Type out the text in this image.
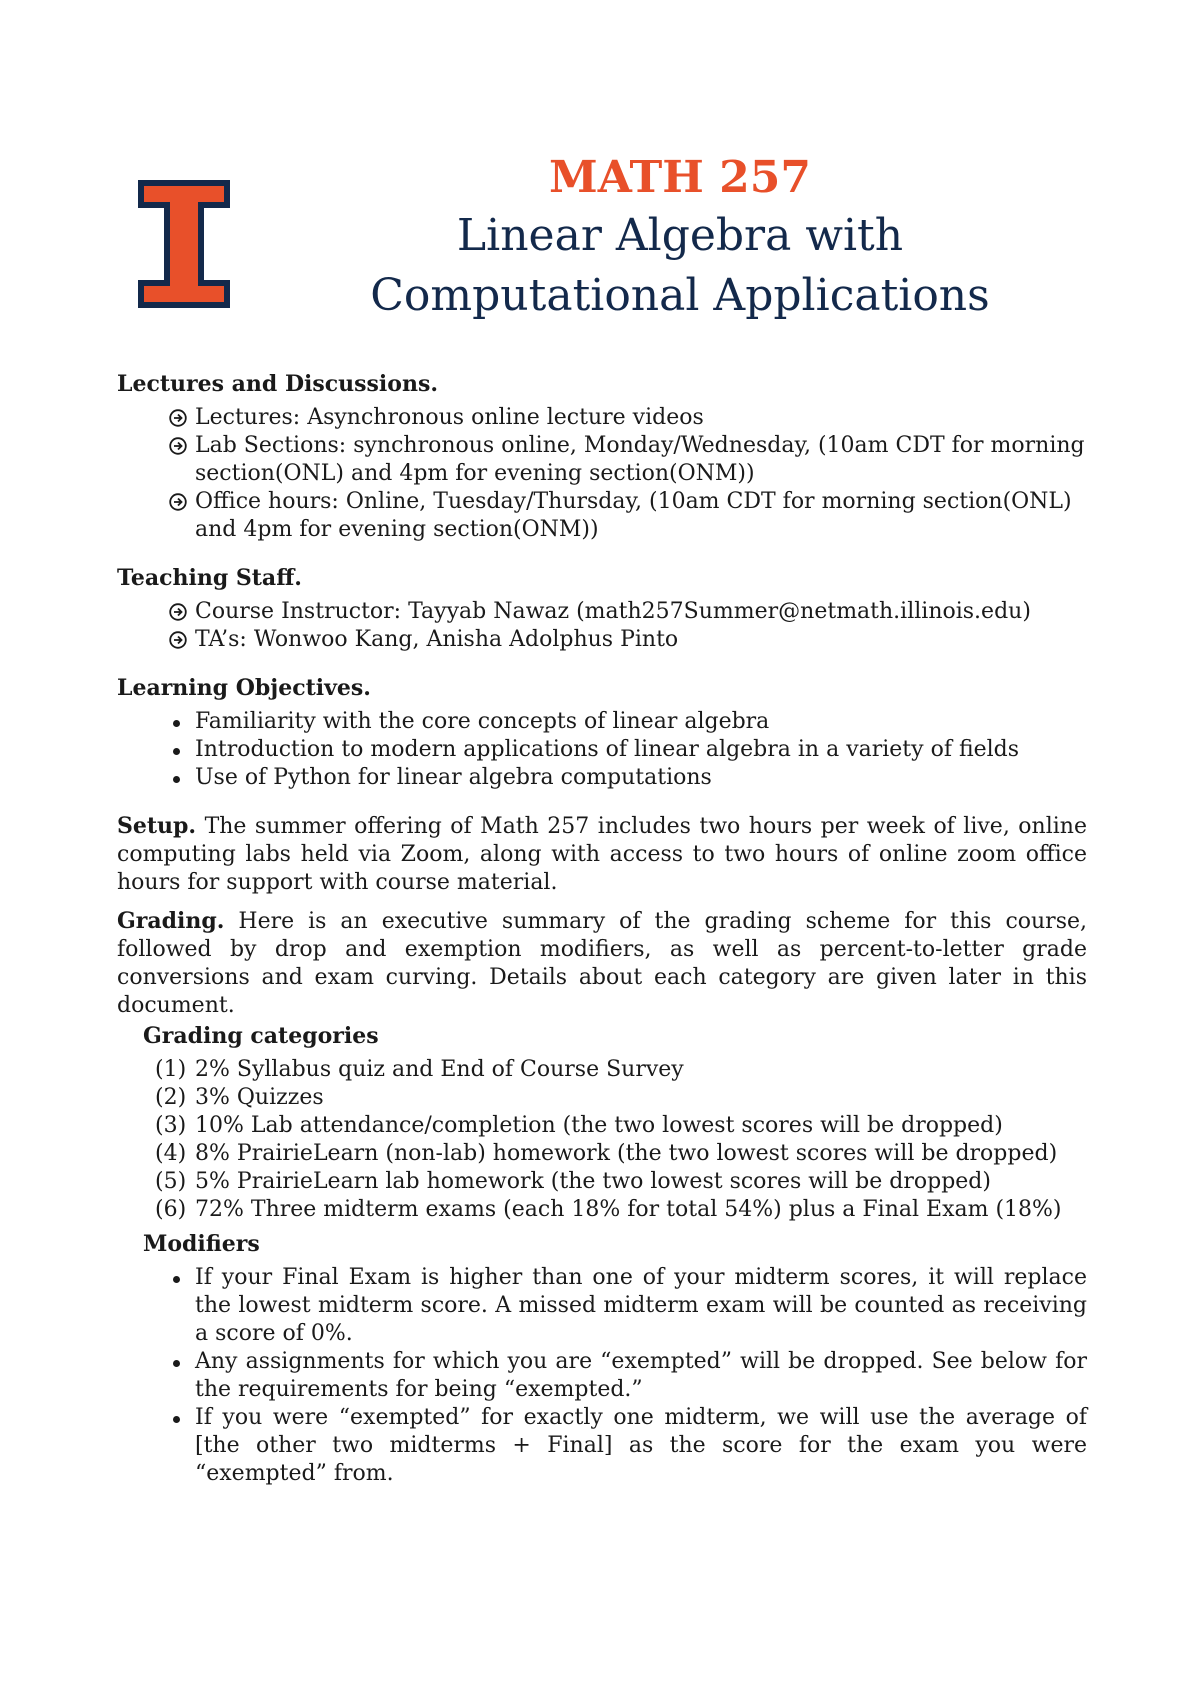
MATH 257

Linear Algebra with

Computational Applications

Lectures and Discussions.

Lectures: Asynchronous online lecture videos
Lab Sections: synchronous online, Monday/Wednesday, (10am CDT for morning section(ONL) and 4pm for evening section(ONM))
Office hours: Online, Tuesday/Thursday, (10am CDT for morning section(ONL) and 4pm for evening section(ONM))

Teaching Staff.

Course Instructor: Tayyab Nawaz (math257Summer@netmath.illinois.edu)
TA’s: Wonwoo Kang, Anisha Adolphus Pinto

Learning Objectives.

Familiarity with the core concepts of linear algebra
Introduction to modern applications of linear algebra in a variety of fields
Use of Python for linear algebra computations

Setup. The summer offering of Math 257 includes two hours per week of live, online computing labs held via Zoom, along with access to two hours of online zoom office hours for support with course material.

Grading. Here is an executive summary of the grading scheme for this course, followed by drop and exemption modifiers, as well as percent-to-letter grade conversions and exam curving. Details about each category are given later in this document.

Grading categories

(1) 2% Syllabus quiz and End of Course Survey
(2) 3% Quizzes
(3) 10% Lab attendance/completion (the two lowest scores will be dropped)
(4) 8% PrairieLearn (non-lab) homework (the two lowest scores will be dropped)
(5) 5% PrairieLearn lab homework (the two lowest scores will be dropped)
(6) 72% Three midterm exams (each 18% for total 54%) plus a Final Exam (18%)

Modifiers

If your Final Exam is higher than one of your midterm scores, it will replace the lowest midterm score. A missed midterm exam will be counted as receiving a score of 0%.
Any assignments for which you are “exempted” will be dropped. See below for the requirements for being “exempted.”
If you were “exempted” for exactly one midterm, we will use the average of [the other two midterms + Final] as the score for the exam you were “exempted” from.
